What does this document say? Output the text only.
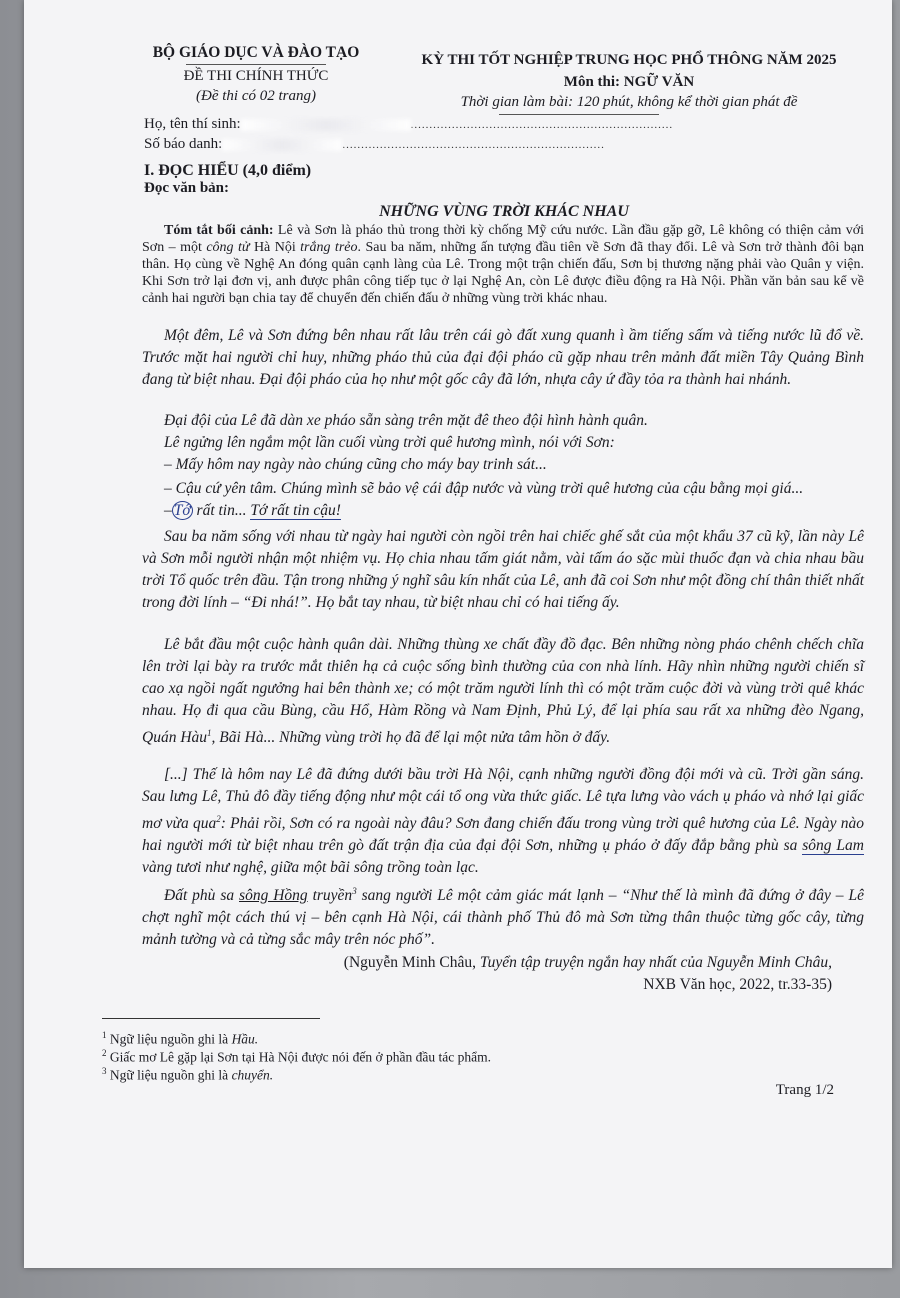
BỘ GIÁO DỤC VÀ ĐÀO TẠO
ĐỀ THI CHÍNH THỨC
(Đề thi có 02 trang)
KỲ THI TỐT NGHIỆP TRUNG HỌC PHỔ THÔNG NĂM 2025
Môn thi: NGỮ VĂN
Thời gian làm bài: 120 phút, không kể thời gian phát đề
Họ, tên thí sinh:	......................................................................
Số báo danh:	......................................................................
I. ĐỌC HIỂU (4,0 điểm)
Đọc văn bản:
NHỮNG VÙNG TRỜI KHÁC NHAU
Tóm tắt bối cảnh: Lê và Sơn là pháo thủ trong thời kỳ chống Mỹ cứu nước. Lần đầu gặp gỡ, Lê không có thiện cảm với Sơn – một công tử Hà Nội trắng trẻo. Sau ba năm, những ấn tượng đầu tiên về Sơn đã thay đổi. Lê và Sơn trở thành đôi bạn thân. Họ cùng về Nghệ An đóng quân cạnh làng của Lê. Trong một trận chiến đấu, Sơn bị thương nặng phải vào Quân y viện. Khi Sơn trở lại đơn vị, anh được phân công tiếp tục ở lại Nghệ An, còn Lê được điều động ra Hà Nội. Phần văn bản sau kể về cảnh hai người bạn chia tay để chuyển đến chiến đấu ở những vùng trời khác nhau.
Một đêm, Lê và Sơn đứng bên nhau rất lâu trên cái gò đất xung quanh ì ầm tiếng sấm và tiếng nước lũ đổ về. Trước mặt hai người chỉ huy, những pháo thủ của đại đội pháo cũ gặp nhau trên mảnh đất miền Tây Quảng Bình đang từ biệt nhau. Đại đội pháo của họ như một gốc cây đã lớn, nhựa cây ứ đầy tỏa ra thành hai nhánh.
Đại đội của Lê đã dàn xe pháo sẵn sàng trên mặt đê theo đội hình hành quân.
Lê ngửng lên ngắm một lần cuối vùng trời quê hương mình, nói với Sơn:
– Mấy hôm nay ngày nào chúng cũng cho máy bay trinh sát...
– Cậu cứ yên tâm. Chúng mình sẽ bảo vệ cái đập nước và vùng trời quê hương của cậu bằng mọi giá...
– Tớ rất tin... Tớ rất tin cậu!
Sau ba năm sống với nhau từ ngày hai người còn ngồi trên hai chiếc ghế sắt của một khẩu 37 cũ kỹ, lần này Lê và Sơn mỗi người nhận một nhiệm vụ. Họ chia nhau tấm giát nằm, vài tấm áo sặc mùi thuốc đạn và chia nhau bầu trời Tổ quốc trên đầu. Tận trong những ý nghĩ sâu kín nhất của Lê, anh đã coi Sơn như một đồng chí thân thiết nhất trong đời lính – “Đi nhá!”. Họ bắt tay nhau, từ biệt nhau chỉ có hai tiếng ấy.
Lê bắt đầu một cuộc hành quân dài. Những thùng xe chất đầy đồ đạc. Bên những nòng pháo chênh chếch chĩa lên trời lại bày ra trước mắt thiên hạ cả cuộc sống bình thường của con nhà lính. Hãy nhìn những người chiến sĩ cao xạ ngồi ngất ngưởng hai bên thành xe; có một trăm người lính thì có một trăm cuộc đời và vùng trời quê khác nhau. Họ đi qua cầu Bùng, cầu Hổ, Hàm Rồng và Nam Định, Phủ Lý, để lại phía sau rất xa những đèo Ngang, Quán Hàu$^1$, Bãi Hà... Những vùng trời họ đã để lại một nửa tâm hồn ở đấy.
[...] Thế là hôm nay Lê đã đứng dưới bầu trời Hà Nội, cạnh những người đồng đội mới và cũ. Trời gần sáng. Sau lưng Lê, Thủ đô đầy tiếng động như một cái tổ ong vừa thức giấc. Lê tựa lưng vào vách ụ pháo và nhớ lại giấc mơ vừa qua$^2$: Phải rồi, Sơn có ra ngoài này đâu? Sơn đang chiến đấu trong vùng trời quê hương của Lê. Ngày nào hai người mới từ biệt nhau trên gò đất trận địa của đại đội Sơn, những ụ pháo ở đấy đắp bằng phù sa sông Lam vàng tươi như nghệ, giữa một bãi sông trồng toàn lạc.
Đất phù sa sông Hồng truyền$^3$ sang người Lê một cảm giác mát lạnh – “Như thế là mình đã đứng ở đây – Lê chợt nghĩ một cách thú vị – bên cạnh Hà Nội, cái thành phố Thủ đô mà Sơn từng thân thuộc từng gốc cây, từng mảnh tường và cả từng sắc mây trên nóc phố”.
(Nguyễn Minh Châu, Tuyển tập truyện ngắn hay nhất của Nguyễn Minh Châu,
NXB Văn học, 2022, tr.33-35)
$^1$ Ngữ liệu nguồn ghi là Hầu.
$^2$ Giấc mơ Lê gặp lại Sơn tại Hà Nội được nói đến ở phần đầu tác phẩm.
$^3$ Ngữ liệu nguồn ghi là chuyển.
Trang 1/2
